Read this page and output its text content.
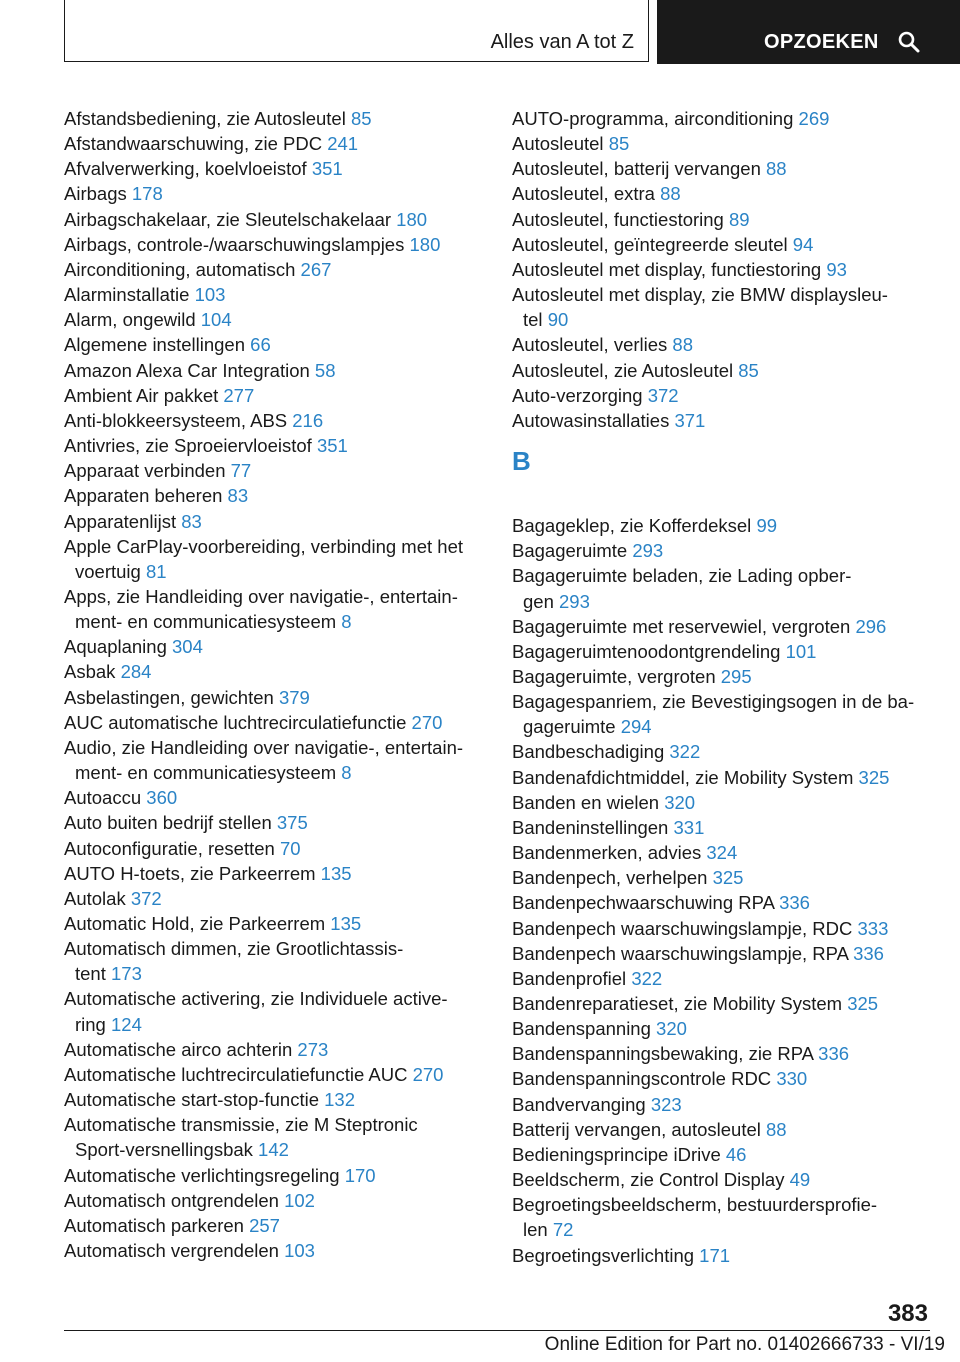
Alles van A tot Z	OPZOEKEN
Afstandsbediening, zie Autosleutel 85
Afstandwaarschuwing, zie PDC 241
Afvalverwerking, koelvloeistof 351
Airbags 178
Airbagschakelaar, zie Sleutelschakelaar 180
Airbags, controle-/waarschuwingslampjes 180
Airconditioning, automatisch 267
Alarminstallatie 103
Alarm, ongewild 104
Algemene instellingen 66
Amazon Alexa Car Integration 58
Ambient Air pakket 277
Anti-blokkeersysteem, ABS 216
Antivries, zie Sproeiervloeistof 351
Apparaat verbinden 77
Apparaten beheren 83
Apparatenlijst 83
Apple CarPlay-voorbereiding, verbinding met het
voertuig 81
Apps, zie Handleiding over navigatie-, entertain-
ment- en communicatiesysteem 8
Aquaplaning 304
Asbak 284
Asbelastingen, gewichten 379
AUC automatische luchtrecirculatiefunctie 270
Audio, zie Handleiding over navigatie-, entertain-
ment- en communicatiesysteem 8
Autoaccu 360
Auto buiten bedrijf stellen 375
Autoconfiguratie, resetten 70
AUTO H-toets, zie Parkeerrem 135
Autolak 372
Automatic Hold, zie Parkeerrem 135
Automatisch dimmen, zie Grootlichtassis-
tent 173
Automatische activering, zie Individuele active-
ring 124
Automatische airco achterin 273
Automatische luchtrecirculatiefunctie AUC 270
Automatische start-stop-functie 132
Automatische transmissie, zie M Steptronic
Sport-versnellingsbak 142
Automatische verlichtingsregeling 170
Automatisch ontgrendelen 102
Automatisch parkeren 257
Automatisch vergrendelen 103
AUTO-programma, airconditioning 269
Autosleutel 85
Autosleutel, batterij vervangen 88
Autosleutel, extra 88
Autosleutel, functiestoring 89
Autosleutel, geïntegreerde sleutel 94
Autosleutel met display, functiestoring 93
Autosleutel met display, zie BMW displaysleu-
tel 90
Autosleutel, verlies 88
Autosleutel, zie Autosleutel 85
Auto-verzorging 372
Autowasinstallaties 371
B
Bagageklep, zie Kofferdeksel 99
Bagageruimte 293
Bagageruimte beladen, zie Lading opber-
gen 293
Bagageruimte met reservewiel, vergroten 296
Bagageruimtenoodontgrendeling 101
Bagageruimte, vergroten 295
Bagagespanriem, zie Bevestigingsogen in de ba-
gageruimte 294
Bandbeschadiging 322
Bandenafdichtmiddel, zie Mobility System 325
Banden en wielen 320
Bandeninstellingen 331
Bandenmerken, advies 324
Bandenpech, verhelpen 325
Bandenpechwaarschuwing RPA 336
Bandenpech waarschuwingslampje, RDC 333
Bandenpech waarschuwingslampje, RPA 336
Bandenprofiel 322
Bandenreparatieset, zie Mobility System 325
Bandenspanning 320
Bandenspanningsbewaking, zie RPA 336
Bandenspanningscontrole RDC 330
Bandvervanging 323
Batterij vervangen, autosleutel 88
Bedieningsprincipe iDrive 46
Beeldscherm, zie Control Display 49
Begroetingsbeeldscherm, bestuurdersprofie-
len 72
Begroetingsverlichting 171
383
Online Edition for Part no. 01402666733 - VI/19
